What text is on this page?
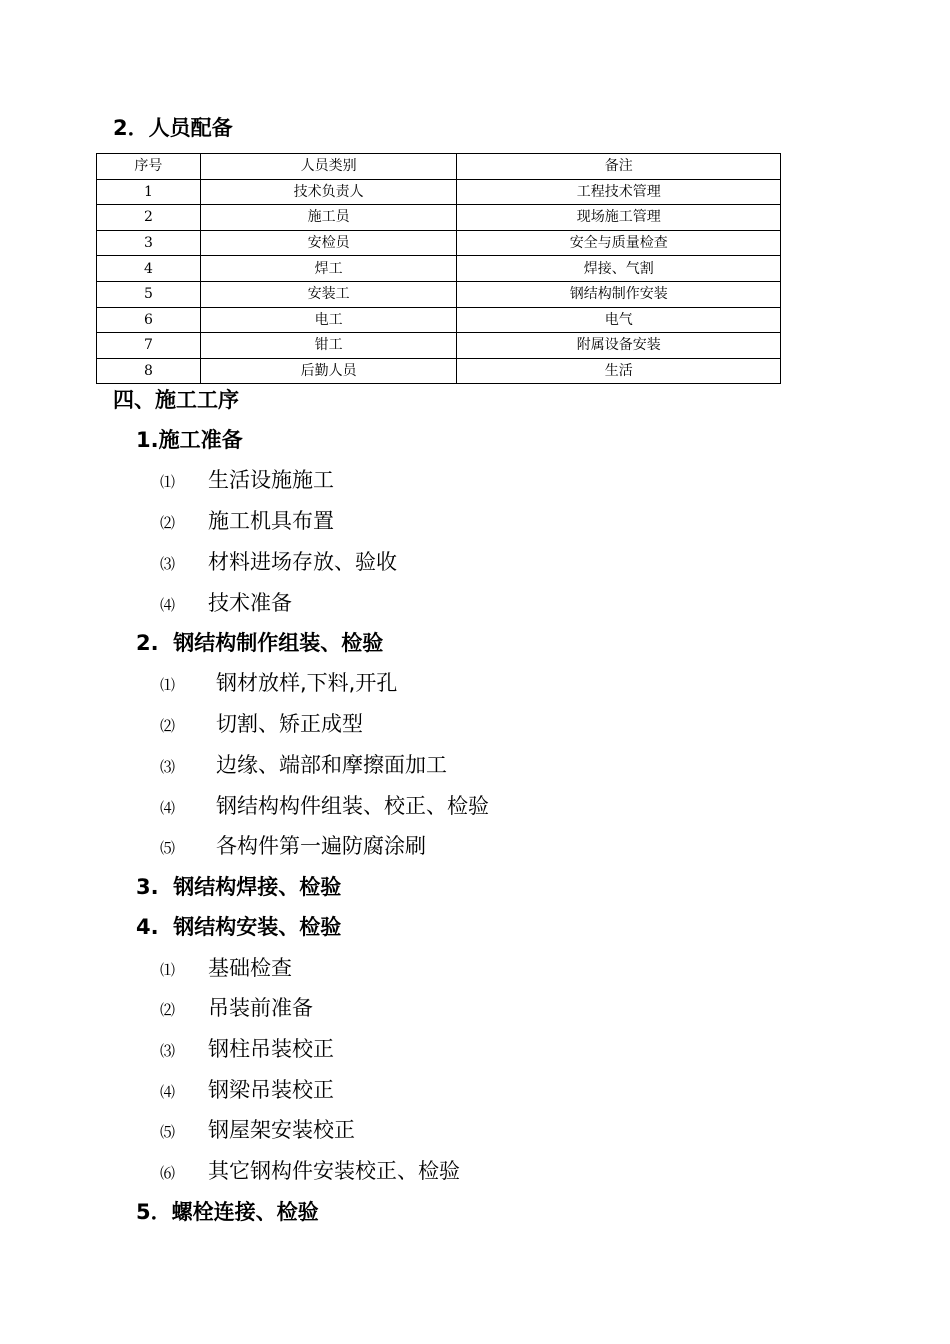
2．人员配备
序号	人员类别	备注
1	技术负责人	工程技术管理
2	施工员	现场施工管理
3	安检员	安全与质量检查
4	焊工	焊接、气割
5	安装工	钢结构制作安装
6	电工	电气
7	钳工	附属设备安装
8	后勤人员	生活
四、施工工序
1.施工准备
⑴ 生活设施施工
⑵ 施工机具布置
⑶ 材料进场存放、验收
⑷ 技术准备
2.  钢结构制作组装、检验
⑴ 钢材放样,下料,开孔
⑵ 切割、矫正成型
⑶ 边缘、端部和摩擦面加工
⑷ 钢结构构件组装、校正、检验
⑸ 各构件第一遍防腐涂刷
3.  钢结构焊接、检验
4.  钢结构安装、检验
⑴ 基础检查
⑵ 吊装前准备
⑶ 钢柱吊装校正
⑷ 钢梁吊装校正
⑸ 钢屋架安装校正
⑹ 其它钢构件安装校正、检验
5．螺栓连接、检验
